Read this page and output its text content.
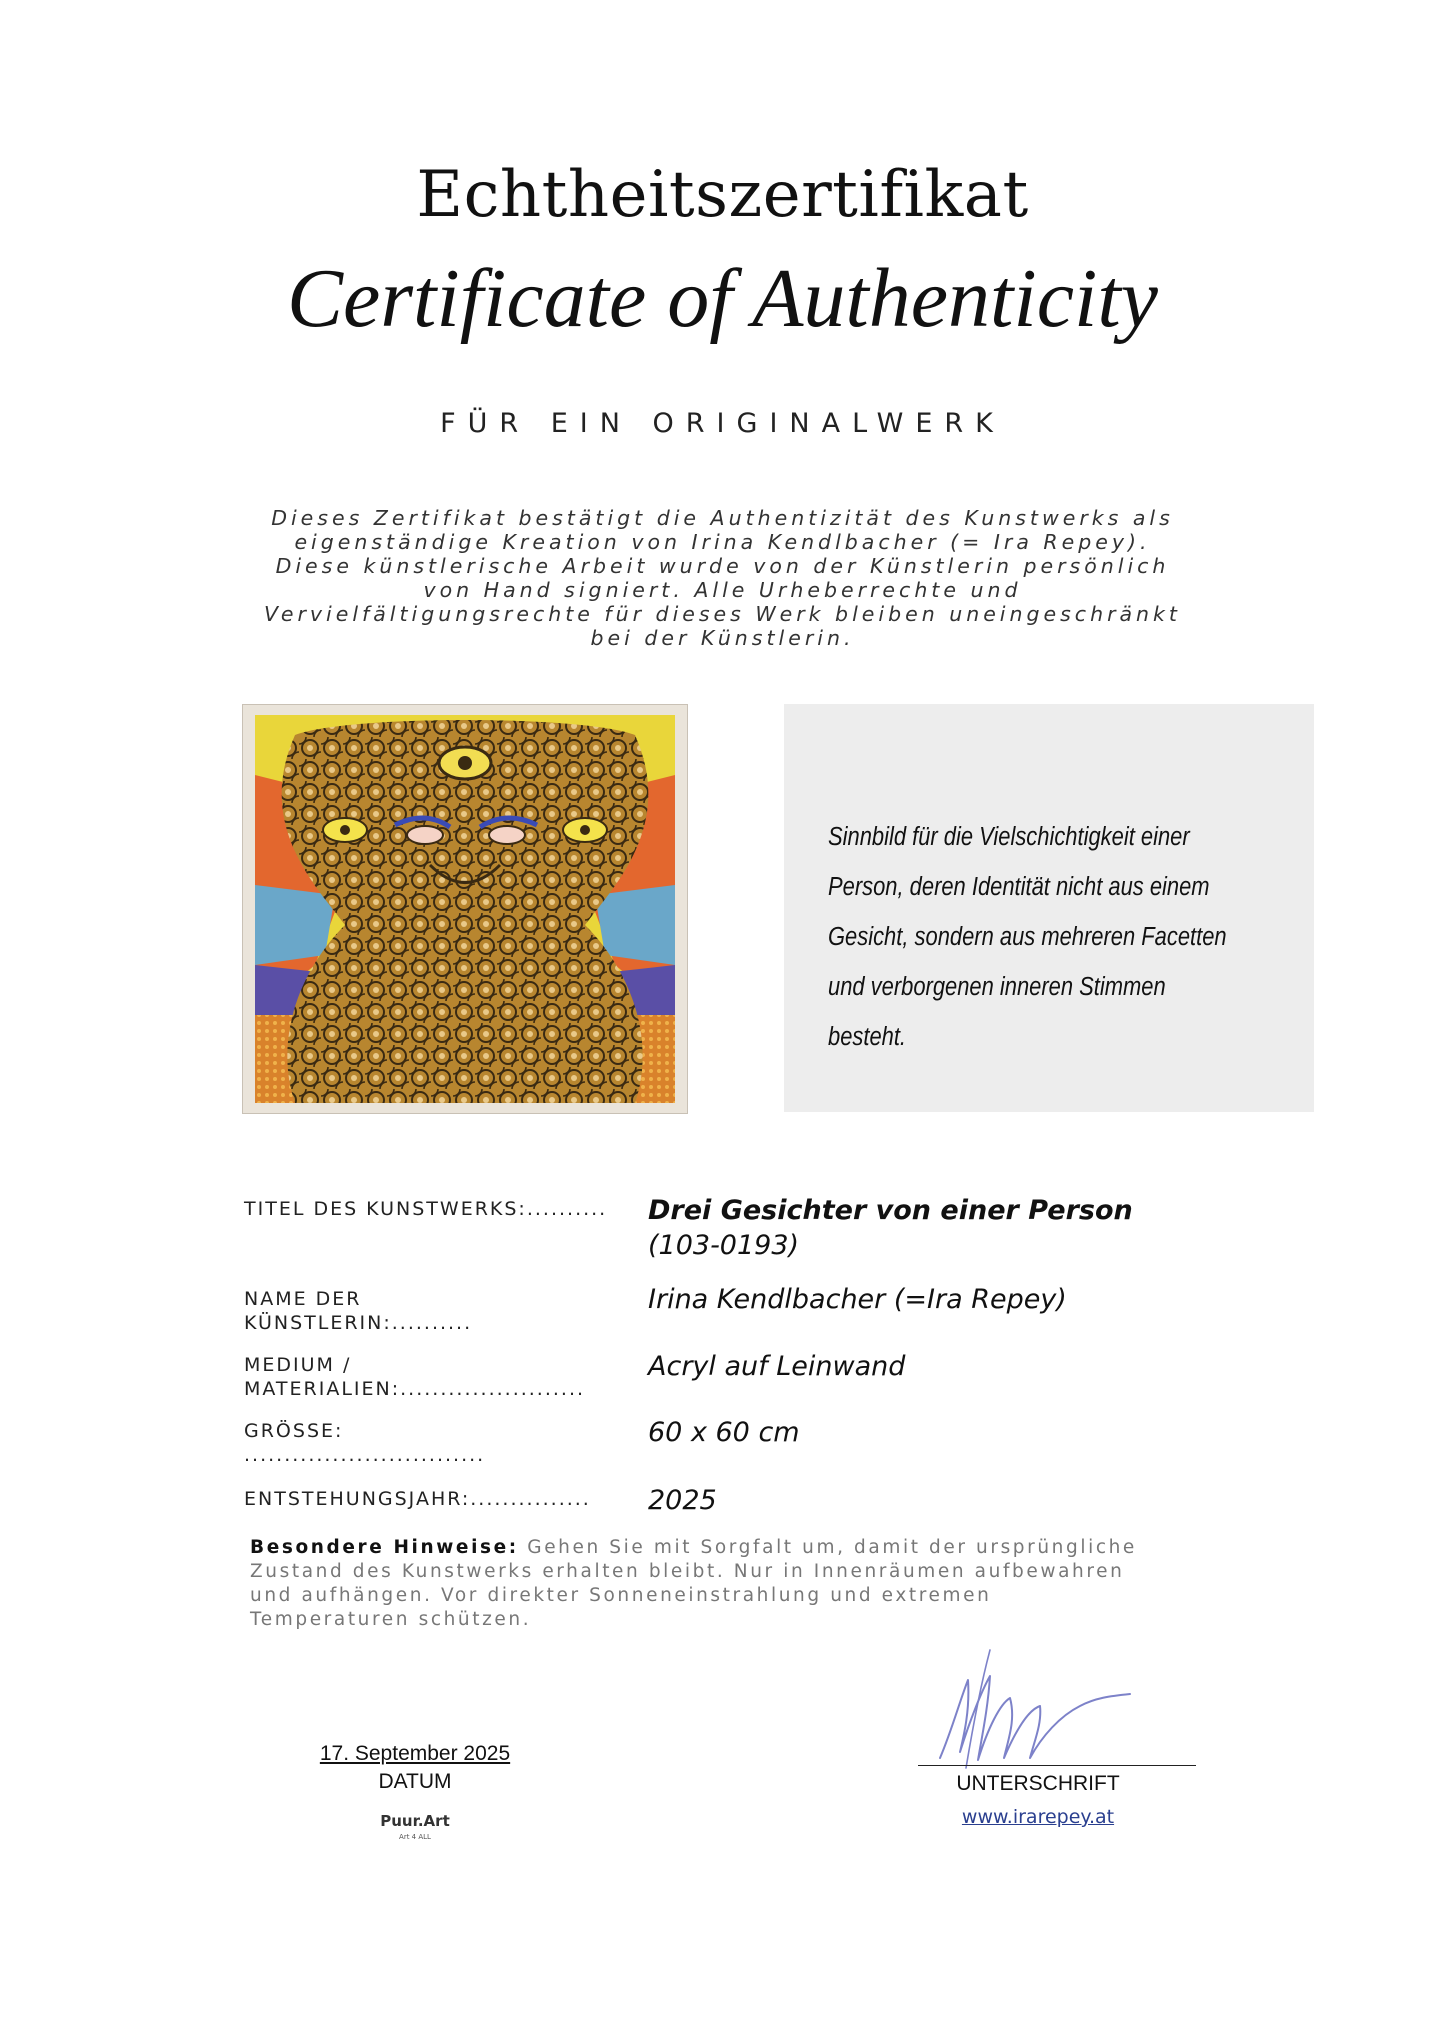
Echtheitszertifikat
Certificate of Authenticity
FÜR EIN ORIGINALWERK
Dieses Zertifikat bestätigt die Authentizität des Kunstwerks als
eigenständige Kreation von Irina Kendlbacher (= Ira Repey).
Diese künstlerische Arbeit wurde von der Künstlerin persönlich
von Hand signiert. Alle Urheberrechte und
Vervielfältigungsrechte für dieses Werk bleiben uneingeschränkt
bei der Künstlerin.
Sinnbild für die Vielschichtigkeit einer
Person, deren Identität nicht aus einem
Gesicht, sondern aus mehreren Facetten
und verborgenen inneren Stimmen
besteht.
TITEL DES KUNSTWERKS:..........	Drei Gesichter von einer Person
(103-0193)
NAME DER
KÜNSTLERIN:..........
Irina Kendlbacher (=Ira Repey)
MEDIUM /
MATERIALIEN:.......................
Acryl auf Leinwand
GRÖSSE:
..............................
60 x 60 cm
ENTSTEHUNGSJAHR:...............	2025
Besondere Hinweise: Gehen Sie mit Sorgfalt um, damit der ursprüngliche
Zustand des Kunstwerks erhalten bleibt. Nur in Innenräumen aufbewahren
und aufhängen. Vor direkter Sonneneinstrahlung und extremen
Temperaturen schützen.
17. September 2025
DATUM
Puur.Art
Art 4 ALL
UNTERSCHRIFT
www.irarepey.at
